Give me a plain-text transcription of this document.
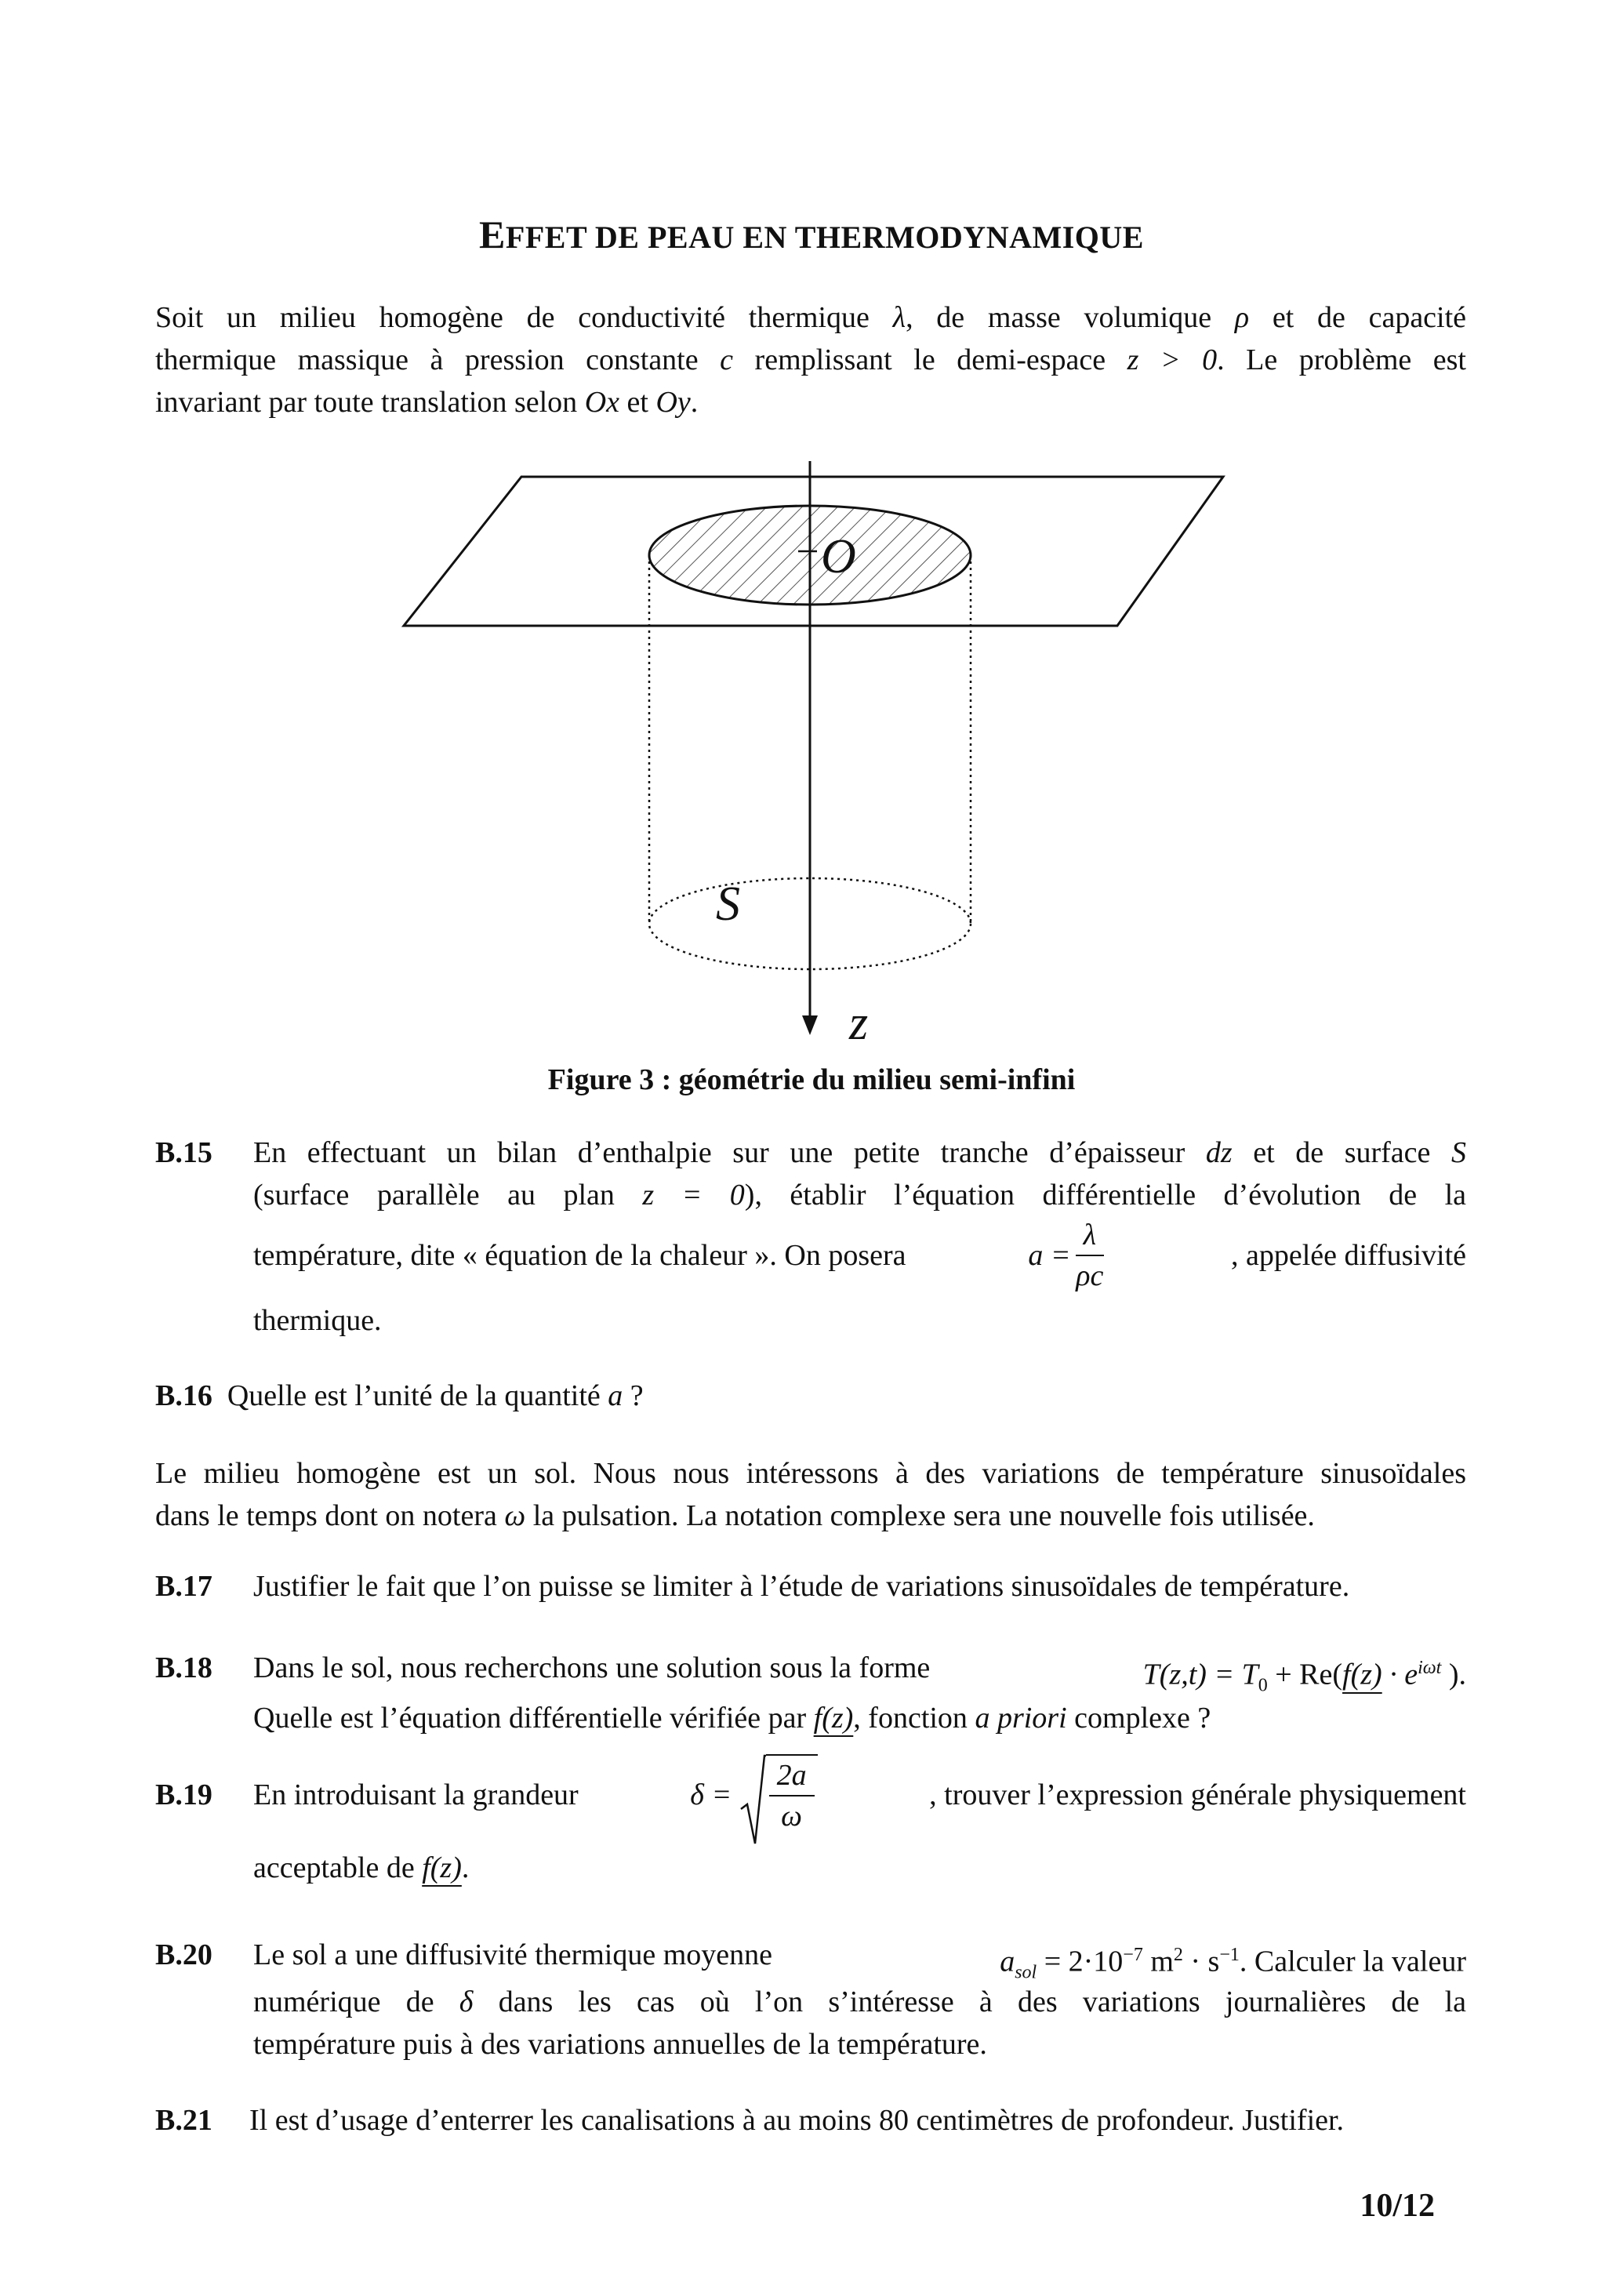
EFFET DE PEAU EN THERMODYNAMIQUE
Soit un milieu homogène de conductivité thermique λ, de masse volumique ρ et de capacité
thermique massique à pression constante c remplissant le demi-espace z > 0. Le problème est
invariant par toute translation selon Ox et Oy.
O
S
z
Figure 3 : géométrie du milieu semi-infini
B.15 En effectuant un bilan d’enthalpie sur une petite tranche d’épaisseur dz et de surface S
(surface parallèle au plan z = 0), établir l’équation différentielle d’évolution de la
température, dite « équation de la chaleur ». On posera	$a = \frac{\lambda}{\rho c}$	, appelée diffusivité
thermique.
B.16 Quelle est l’unité de la quantité a ?
Le milieu homogène est un sol. Nous nous intéressons à des variations de température sinusoïdales
dans le temps dont on notera ω la pulsation. La notation complexe sera une nouvelle fois utilisée.
B.17 Justifier le fait que l’on puisse se limiter à l’étude de variations sinusoïdales de température.
B.18 Dans le sol, nous recherchons une solution sous la forme	$T(z,t) = T_0 + Re(f(z) \cdot e^{i\omega t}$ ).
Quelle est l’équation différentielle vérifiée par f(z), fonction a priori complexe ?
B.19 En introduisant la grandeur	δ =
$\frac{2a}{\omega}$	, trouver l’expression générale physiquement
acceptable de f(z).
B.20 Le sol a une diffusivité thermique moyenne	$a_{sol} = 2\cdot 10^{-7}$ $m^2 \cdot s^{-1}$. Calculer la valeur
numérique de δ dans les cas où l’on s’intéresse à des variations journalières de la
température puis à des variations annuelles de la température.
B.21 Il est d’usage d’enterrer les canalisations à au moins 80 centimètres de profondeur. Justifier.
10/12
